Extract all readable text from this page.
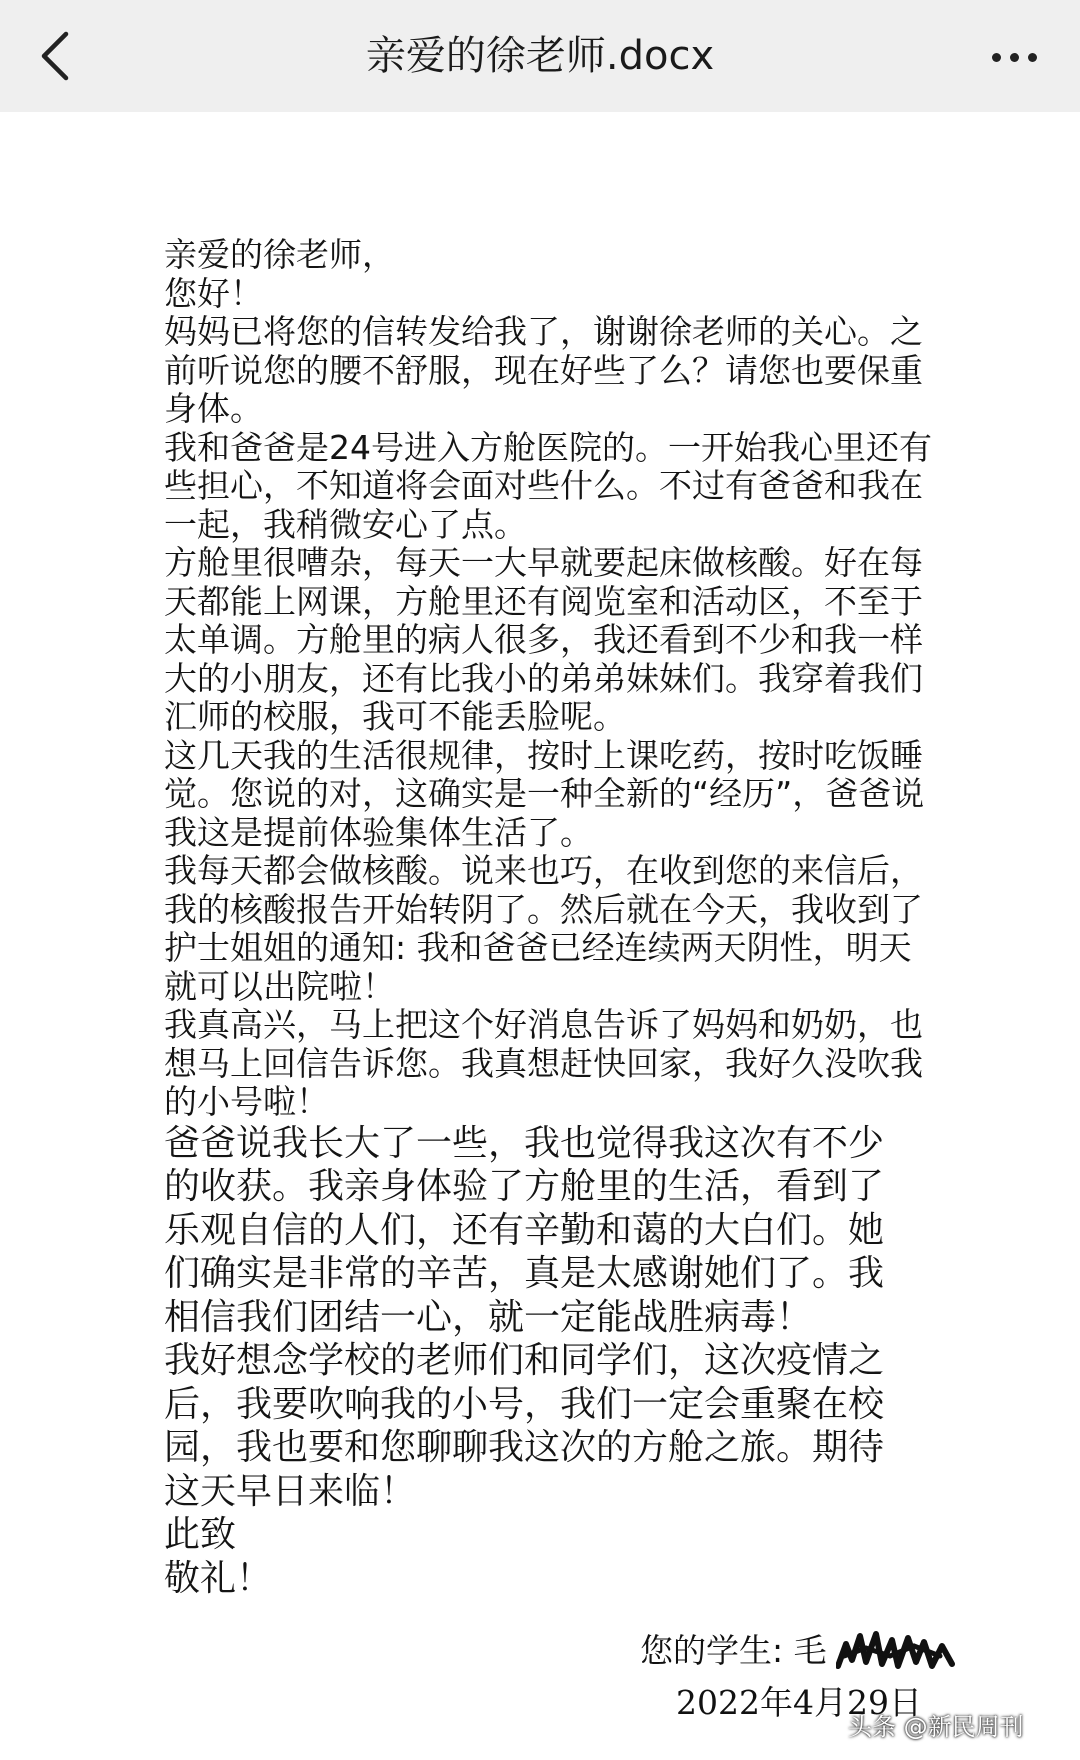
亲爱的徐老师.docx
亲爱的徐老师，
您好！
妈妈已将您的信转发给我了，谢谢徐老师的关心。之
前听说您的腰不舒服，现在好些了么？请您也要保重
身体。
我和爸爸是24号进入方舱医院的。一开始我心里还有
些担心，不知道将会面对些什么。不过有爸爸和我在
一起，我稍微安心了点。
方舱里很嘈杂，每天一大早就要起床做核酸。好在每
天都能上网课，方舱里还有阅览室和活动区，不至于
太单调。方舱里的病人很多，我还看到不少和我一样
大的小朋友，还有比我小的弟弟妹妹们。我穿着我们
汇师的校服，我可不能丢脸呢。
这几天我的生活很规律，按时上课吃药，按时吃饭睡
觉。您说的对，这确实是一种全新的“经历”，爸爸说
我这是提前体验集体生活了。
我每天都会做核酸。说来也巧，在收到您的来信后，
我的核酸报告开始转阴了。然后就在今天，我收到了
护士姐姐的通知: 我和爸爸已经连续两天阴性，明天
就可以出院啦！
我真高兴，马上把这个好消息告诉了妈妈和奶奶，也
想马上回信告诉您。我真想赶快回家，我好久没吹我
的小号啦！
爸爸说我长大了一些，我也觉得我这次有不少
的收获。我亲身体验了方舱里的生活，看到了
乐观自信的人们，还有辛勤和蔼的大白们。她
们确实是非常的辛苦，真是太感谢她们了。我
相信我们团结一心，就一定能战胜病毒！
我好想念学校的老师们和同学们，这次疫情之
后，我要吹响我的小号，我们一定会重聚在校
园，我也要和您聊聊我这次的方舱之旅。期待
这天早日来临！
此致
敬礼！
您的学生: 毛
2022年4月29日
头条 @新民周刊
